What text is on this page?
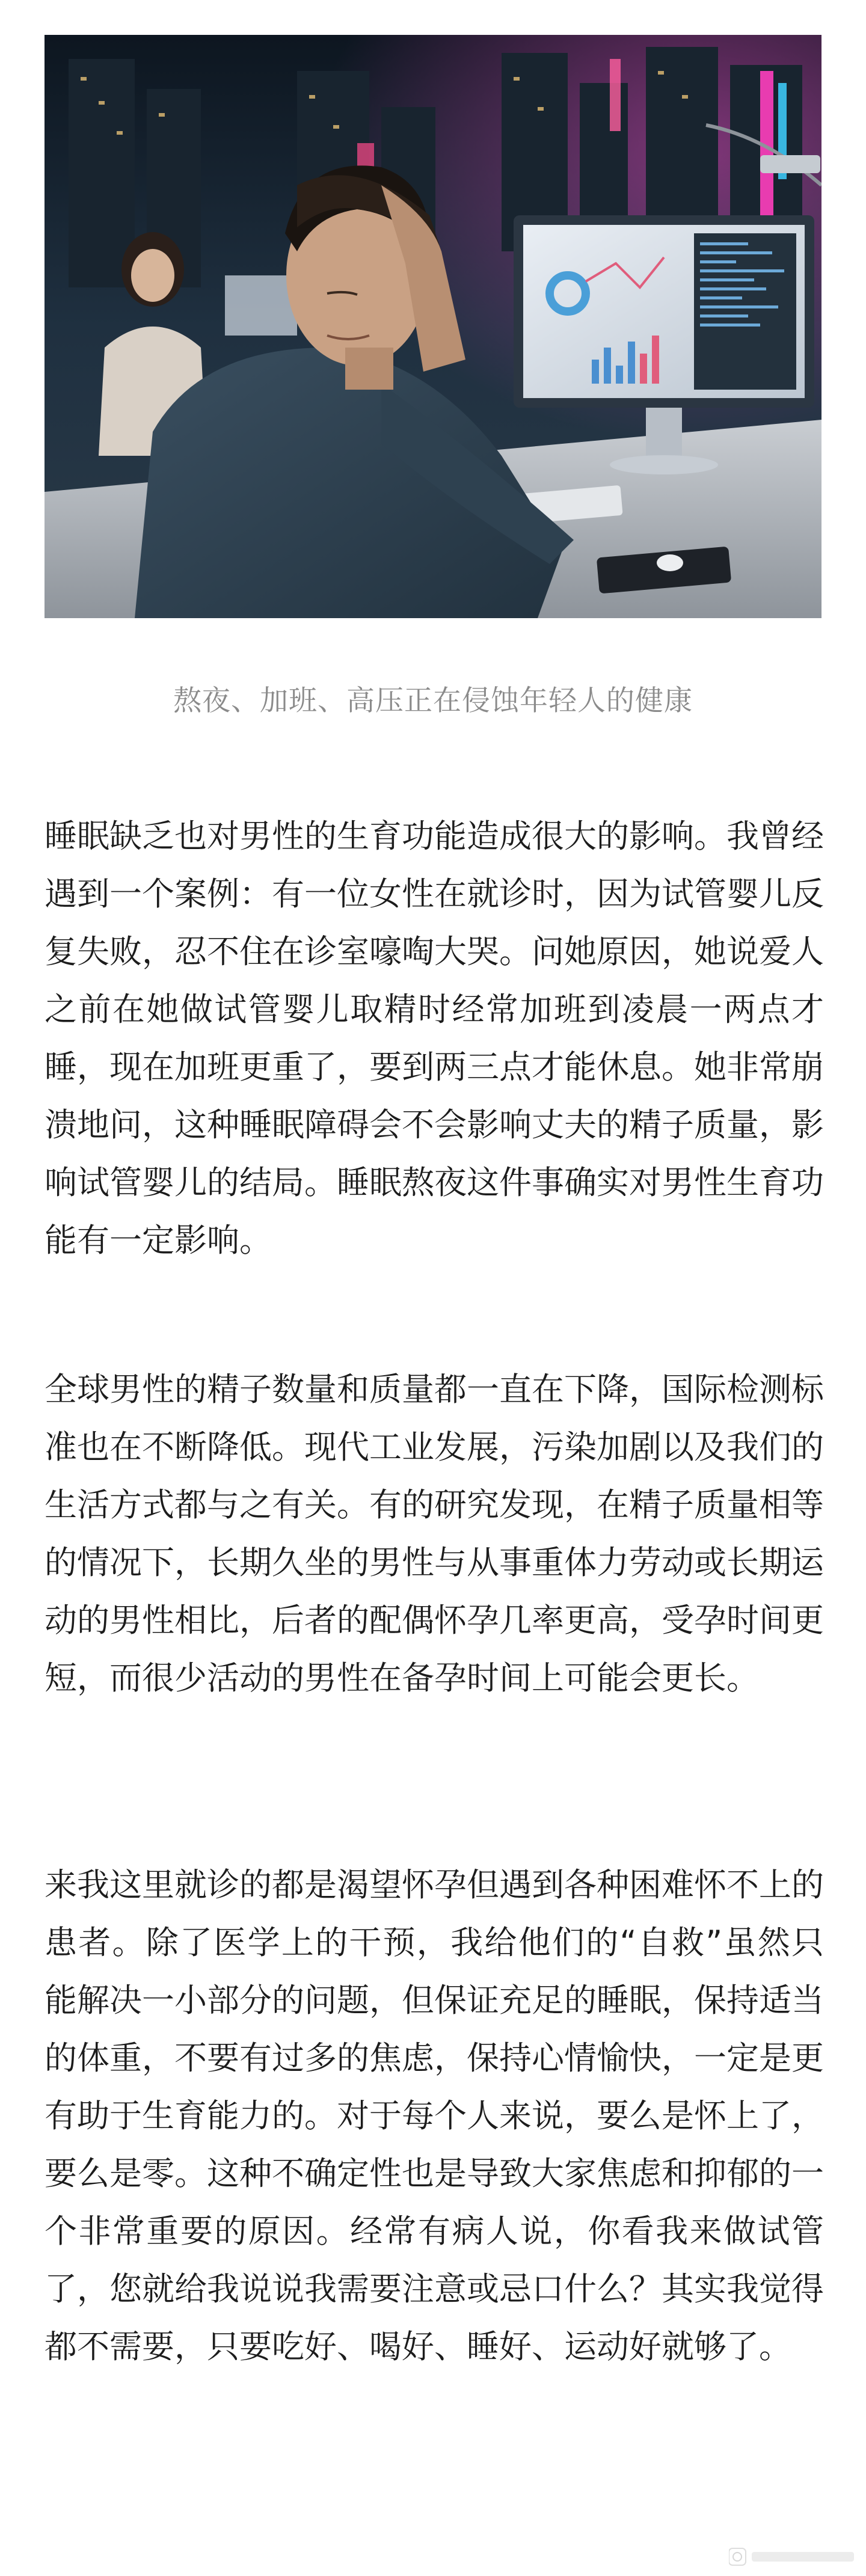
熬夜、加班、高压正在侵蚀年轻人的健康

睡眠缺乏也对男性的生育功能造成很大的影响。我曾经遇到一个案例：有一位女性在就诊时，因为试管婴儿反复失败，忍不住在诊室嚎啕大哭。问她原因，她说爱人之前在她做试管婴儿取精时经常加班到凌晨一两点才睡，现在加班更重了，要到两三点才能休息。她非常崩溃地问，这种睡眠障碍会不会影响丈夫的精子质量，影响试管婴儿的结局。睡眠熬夜这件事确实对男性生育功能有一定影响。

全球男性的精子数量和质量都一直在下降，国际检测标准也在不断降低。现代工业发展，污染加剧以及我们的生活方式都与之有关。有的研究发现，在精子质量相等的情况下，长期久坐的男性与从事重体力劳动或长期运动的男性相比，后者的配偶怀孕几率更高，受孕时间更短，而很少活动的男性在备孕时间上可能会更长。

来我这里就诊的都是渴望怀孕但遇到各种困难怀不上的患者。除了医学上的干预，我给他们的“自救”虽然只能解决一小部分的问题，但保证充足的睡眠，保持适当的体重，不要有过多的焦虑，保持心情愉快，一定是更有助于生育能力的。对于每个人来说，要么是怀上了，要么是零。这种不确定性也是导致大家焦虑和抑郁的一个非常重要的原因。经常有病人说，你看我来做试管了，您就给我说说我需要注意或忌口什么？其实我觉得都不需要，只要吃好、喝好、睡好、运动好就够了。
